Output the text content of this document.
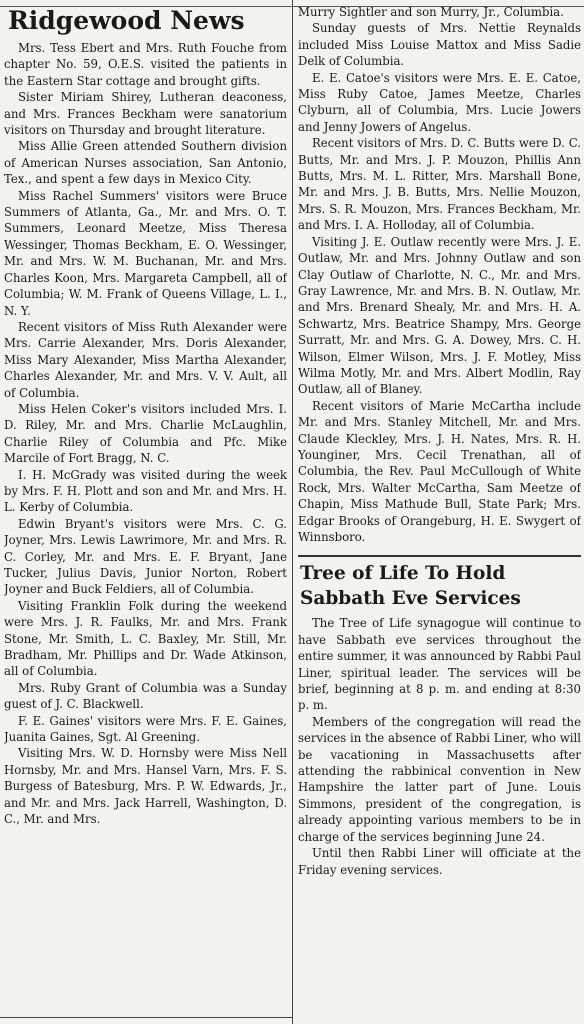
Ridgewood News

Mrs. Tess Ebert and Mrs. Ruth Fouche from chapter No. 59, O.E.S. visited the patients in the Eastern Star cottage and brought gifts.

Sister Miriam Shirey, Lutheran deaconess, and Mrs. Frances Beckham were sanatorium visitors on Thursday and brought literature.

Miss Allie Green attended Southern division of American Nurses association, San Antonio, Tex., and spent a few days in Mexico City.

Miss Rachel Summers' visitors were Bruce Summers of Atlanta, Ga., Mr. and Mrs. O. T. Summers, Leonard Meetze, Miss Theresa Wessinger, Thomas Beckham, E. O. Wessinger, Mr. and Mrs. W. M. Buchanan, Mr. and Mrs. Charles Koon, Mrs. Margareta Campbell, all of Columbia; W. M. Frank of Queens Village, L. I., N. Y.

Recent visitors of Miss Ruth Alexander were Mrs. Carrie Alexander, Mrs. Doris Alexander, Miss Mary Alexander, Miss Martha Alexander, Charles Alexander, Mr. and Mrs. V. V. Ault, all of Columbia.

Miss Helen Coker's visitors included Mrs. I. D. Riley, Mr. and Mrs. Charlie McLaughlin, Charlie Riley of Columbia and Pfc. Mike Marcile of Fort Bragg, N. C.

I. H. McGrady was visited during the week by Mrs. F. H. Plott and son and Mr. and Mrs. H. L. Kerby of Columbia.

Edwin Bryant's visitors were Mrs. C. G. Joyner, Mrs. Lewis Lawrimore, Mr. and Mrs. R. C. Corley, Mr. and Mrs. E. F. Bryant, Jane Tucker, Julius Davis, Junior Norton, Robert Joyner and Buck Feldiers, all of Columbia.

Visiting Franklin Folk during the weekend were Mrs. J. R. Faulks, Mr. and Mrs. Frank Stone, Mr. Smith, L. C. Baxley, Mr. Still, Mr. Bradham, Mr. Phillips and Dr. Wade Atkinson, all of Columbia.

Mrs. Ruby Grant of Columbia was a Sunday guest of J. C. Blackwell.

F. E. Gaines' visitors were Mrs. F. E. Gaines, Juanita Gaines, Sgt. Al Greening.

Visiting Mrs. W. D. Hornsby were Miss Nell Hornsby, Mr. and Mrs. Hansel Varn, Mrs. F. S. Burgess of Batesburg, Mrs. P. W. Edwards, Jr., and Mr. and Mrs. Jack Harrell, Washington, D. C., Mr. and Mrs.

Murry Sightler and son Murry, Jr., Columbia.

Sunday guests of Mrs. Nettie Reynalds included Miss Louise Mattox and Miss Sadie Delk of Columbia.

E. E. Catoe's visitors were Mrs. E. E. Catoe, Miss Ruby Catoe, James Meetze, Charles Clyburn, all of Columbia, Mrs. Lucie Jowers and Jenny Jowers of Angelus.

Recent visitors of Mrs. D. C. Butts were D. C. Butts, Mr. and Mrs. J. P. Mouzon, Phillis Ann Butts, Mrs. M. L. Ritter, Mrs. Marshall Bone, Mr. and Mrs. J. B. Butts, Mrs. Nellie Mouzon, Mrs. S. R. Mouzon, Mrs. Frances Beckham, Mr. and Mrs. I. A. Holloday, all of Columbia.

Visiting J. E. Outlaw recently were Mrs. J. E. Outlaw, Mr. and Mrs. Johnny Outlaw and son Clay Outlaw of Charlotte, N. C., Mr. and Mrs. Gray Lawrence, Mr. and Mrs. B. N. Outlaw, Mr. and Mrs. Brenard Shealy, Mr. and Mrs. H. A. Schwartz, Mrs. Beatrice Shampy, Mrs. George Surratt, Mr. and Mrs. G. A. Dowey, Mrs. C. H. Wilson, Elmer Wilson, Mrs. J. F. Motley, Miss Wilma Motly, Mr. and Mrs. Albert Modlin, Ray Outlaw, all of Blaney.

Recent visitors of Marie McCartha include Mr. and Mrs. Stanley Mitchell, Mr. and Mrs. Claude Kleckley, Mrs. J. H. Nates, Mrs. R. H. Younginer, Mrs. Cecil Trenathan, all of Columbia, the Rev. Paul McCullough of White Rock, Mrs. Walter McCartha, Sam Meetze of Chapin, Miss Mathude Bull, State Park; Mrs. Edgar Brooks of Orangeburg, H. E. Swygert of Winnsboro.

Tree of Life To Hold Sabbath Eve Services

The Tree of Life synagogue will continue to have Sabbath eve services throughout the entire summer, it was announced by Rabbi Paul Liner, spiritual leader. The services will be brief, beginning at 8 p. m. and ending at 8:30 p. m.

Members of the congregation will read the services in the absence of Rabbi Liner, who will be vacationing in Massachusetts after attending the rabbinical convention in New Hampshire the latter part of June. Louis Simmons, president of the congregation, is already appointing various members to be in charge of the services beginning June 24.

Until then Rabbi Liner will officiate at the Friday evening services.
